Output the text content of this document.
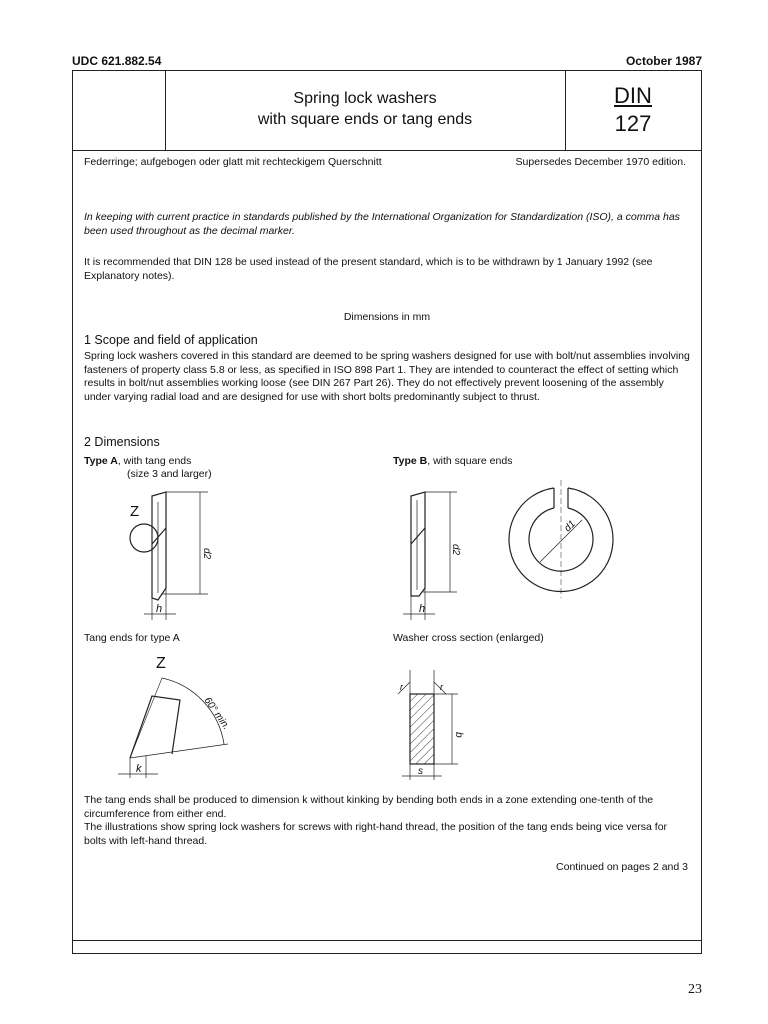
UDC 621.882.54	October 1987
Spring lock washers
with square ends or tang ends
DIN
127
Federringe; aufgebogen oder glatt mit rechteckigem Querschnitt	Supersedes December 1970 edition.
In keeping with current practice in standards published by the International Organization for Standardization (ISO), a comma has been used throughout as the decimal marker.
It is recommended that DIN 128 be used instead of the present standard, which is to be withdrawn by 1 January 1992 (see Explanatory notes).
Dimensions in mm
1 Scope and field of application
Spring lock washers covered in this standard are deemed to be spring washers designed for use with bolt/nut assemblies involving fasteners of property class 5.8 or less, as specified in ISO 898 Part 1. They are intended to counteract the effect of setting which results in bolt/nut assemblies working loose (see DIN 267 Part 26). They do not effectively prevent loosening of the assembly under varying radial load and are designed for use with short bolts predominantly subject to thrust.
2 Dimensions
Type A, with tang ends
(size 3 and larger)
Type B, with square ends
Z
d2
h
d2
h
d1
Tang ends for type A	Washer cross section (enlarged)
Z
60° min.
k
r	r
b
s
The tang ends shall be produced to dimension k without kinking by bending both ends in a zone extending one-tenth of the circumference from either end.
The illustrations show spring lock washers for screws with right-hand thread, the position of the tang ends being vice versa for bolts with left-hand thread.
Continued on pages 2 and 3
23
